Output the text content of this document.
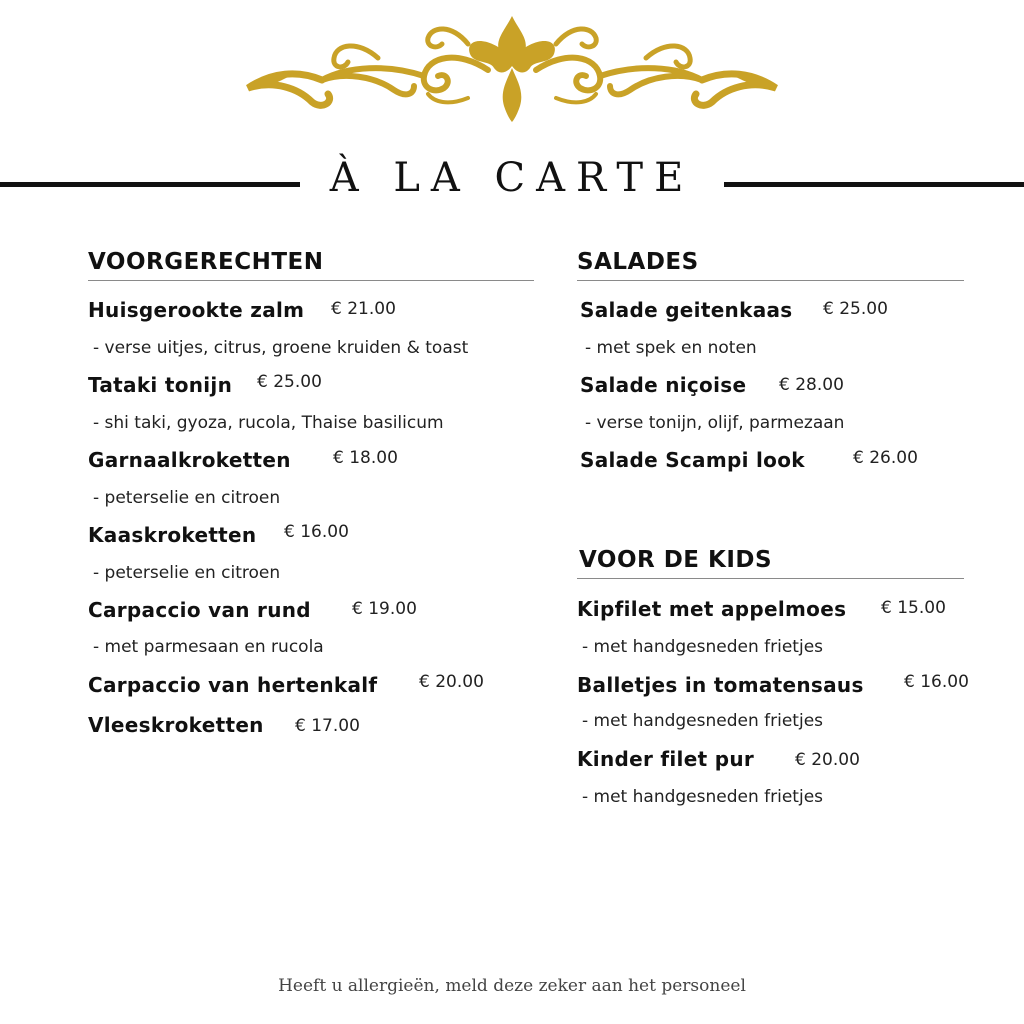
À LA CARTE
VOORGERECHTEN
Huisgerookte zalm € 21.00
- verse uitjes, citrus, groene kruiden & toast
Tataki tonijn € 25.00
- shi taki, gyoza, rucola, Thaise basilicum
Garnaalkroketten € 18.00
- peterselie en citroen
Kaaskroketten € 16.00
- peterselie en citroen
Carpaccio van rund € 19.00
- met parmesaan en rucola
Carpaccio van hertenkalf € 20.00
Vleeskroketten € 17.00
SALADES
Salade geitenkaas € 25.00
- met spek en noten
Salade niçoise € 28.00
- verse tonijn, olijf, parmezaan
Salade Scampi look	€ 26.00
VOOR DE KIDS
Kipfilet met appelmoes € 15.00
- met handgesneden frietjes
Balletjes in tomatensaus € 16.00
- met handgesneden frietjes
Kinder filet pur € 20.00
- met handgesneden frietjes
Heeft u allergieën, meld deze zeker aan het personeel
